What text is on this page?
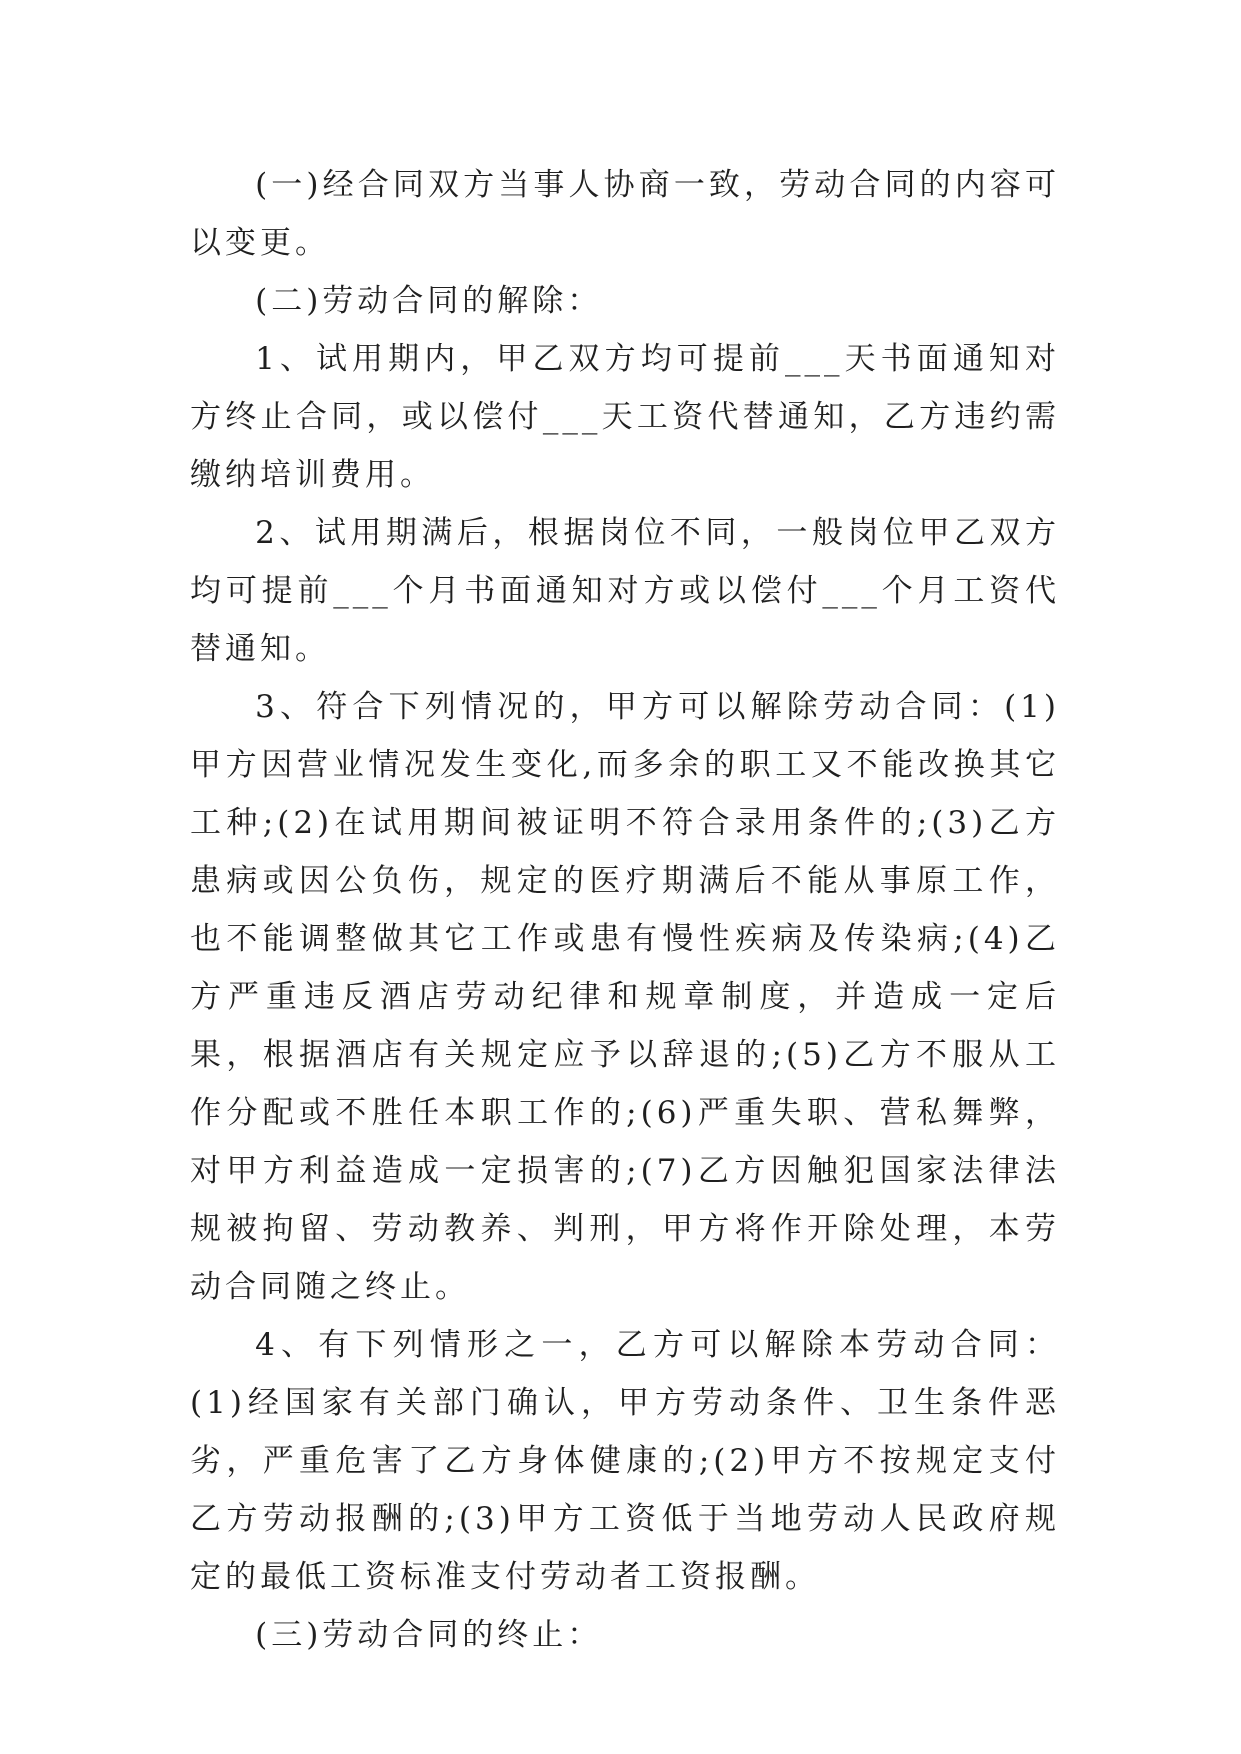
(一)经合同双方当事人协商一致，劳动合同的内容可以变更。

(二)劳动合同的解除：

1、试用期内，甲乙双方均可提前___天书面通知对方终止合同，或以偿付___天工资代替通知，乙方违约需缴纳培训费用。

2、试用期满后，根据岗位不同，一般岗位甲乙双方均可提前___个月书面通知对方或以偿付___个月工资代替通知。

3、符合下列情况的，甲方可以解除劳动合同：(1)甲方因营业情况发生变化,而多余的职工又不能改换其它工种;(2)在试用期间被证明不符合录用条件的;(3)乙方患病或因公负伤，规定的医疗期满后不能从事原工作，也不能调整做其它工作或患有慢性疾病及传染病;(4)乙方严重违反酒店劳动纪律和规章制度，并造成一定后果，根据酒店有关规定应予以辞退的;(5)乙方不服从工作分配或不胜任本职工作的;(6)严重失职、营私舞弊，对甲方利益造成一定损害的;(7)乙方因触犯国家法律法规被拘留、劳动教养、判刑，甲方将作开除处理，本劳动合同随之终止。

4、有下列情形之一，乙方可以解除本劳动合同：(1)经国家有关部门确认，甲方劳动条件、卫生条件恶劣，严重危害了乙方身体健康的;(2)甲方不按规定支付乙方劳动报酬的;(3)甲方工资低于当地劳动人民政府规定的最低工资标准支付劳动者工资报酬。

(三)劳动合同的终止：
